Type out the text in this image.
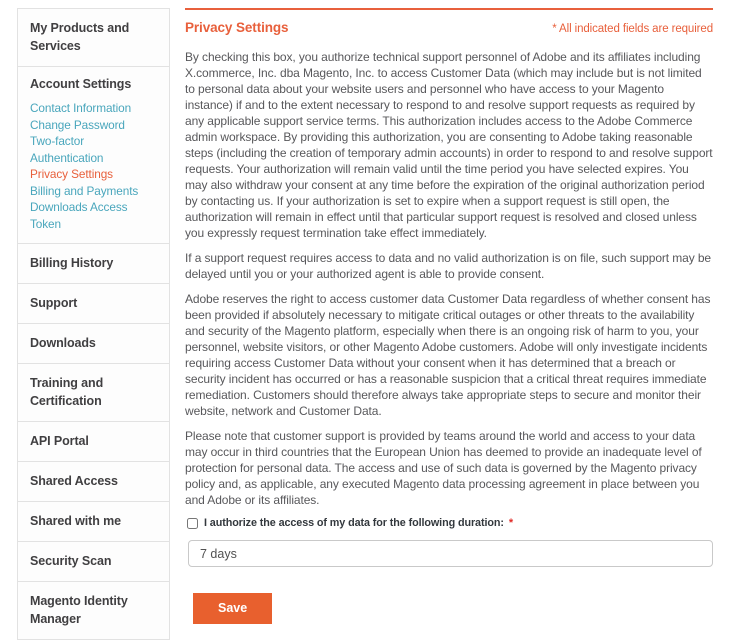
My Products and Services
Account Settings
Contact Information
Change Password
Two-factor Authentication
Privacy Settings
Billing and Payments
Downloads Access Token
Billing History
Support
Downloads
Training and Certification
API Portal
Shared Access
Shared with me
Security Scan
Magento Identity Manager
Privacy Settings	* All indicated fields are required

By checking this box, you authorize technical support personnel of Adobe and its affiliates including X.commerce, Inc. dba Magento, Inc. to access Customer Data (which may include but is not limited to personal data about your website users and personnel who have access to your Magento instance) if and to the extent necessary to respond to and resolve support requests as required by any applicable support service terms. This authorization includes access to the Adobe Commerce admin workspace. By providing this authorization, you are consenting to Adobe taking reasonable steps (including the creation of temporary admin accounts) in order to respond to and resolve support requests. Your authorization will remain valid until the time period you have selected expires. You may also withdraw your consent at any time before the expiration of the original authorization period by contacting us. If your authorization is set to expire when a support request is still open, the authorization will remain in effect until that particular support request is resolved and closed unless you expressly request termination take effect immediately.

If a support request requires access to data and no valid authorization is on file, such support may be delayed until you or your authorized agent is able to provide consent.

Adobe reserves the right to access customer data Customer Data regardless of whether consent has been provided if absolutely necessary to mitigate critical outages or other threats to the availability and security of the Magento platform, especially when there is an ongoing risk of harm to you, your personnel, website visitors, or other Magento Adobe customers. Adobe will only investigate incidents requiring access Customer Data without your consent when it has determined that a breach or security incident has occurred or has a reasonable suspicion that a critical threat requires immediate remediation. Customers should therefore always take appropriate steps to secure and monitor their website, network and Customer Data.

Please note that customer support is provided by teams around the world and access to your data may occur in third countries that the European Union has deemed to provide an inadequate level of protection for personal data. The access and use of such data is governed by the Magento privacy policy and, as applicable, any executed Magento data processing agreement in place between you and Adobe or its affiliates.

I authorize the access of my data for the following duration: *
7 days
Save
